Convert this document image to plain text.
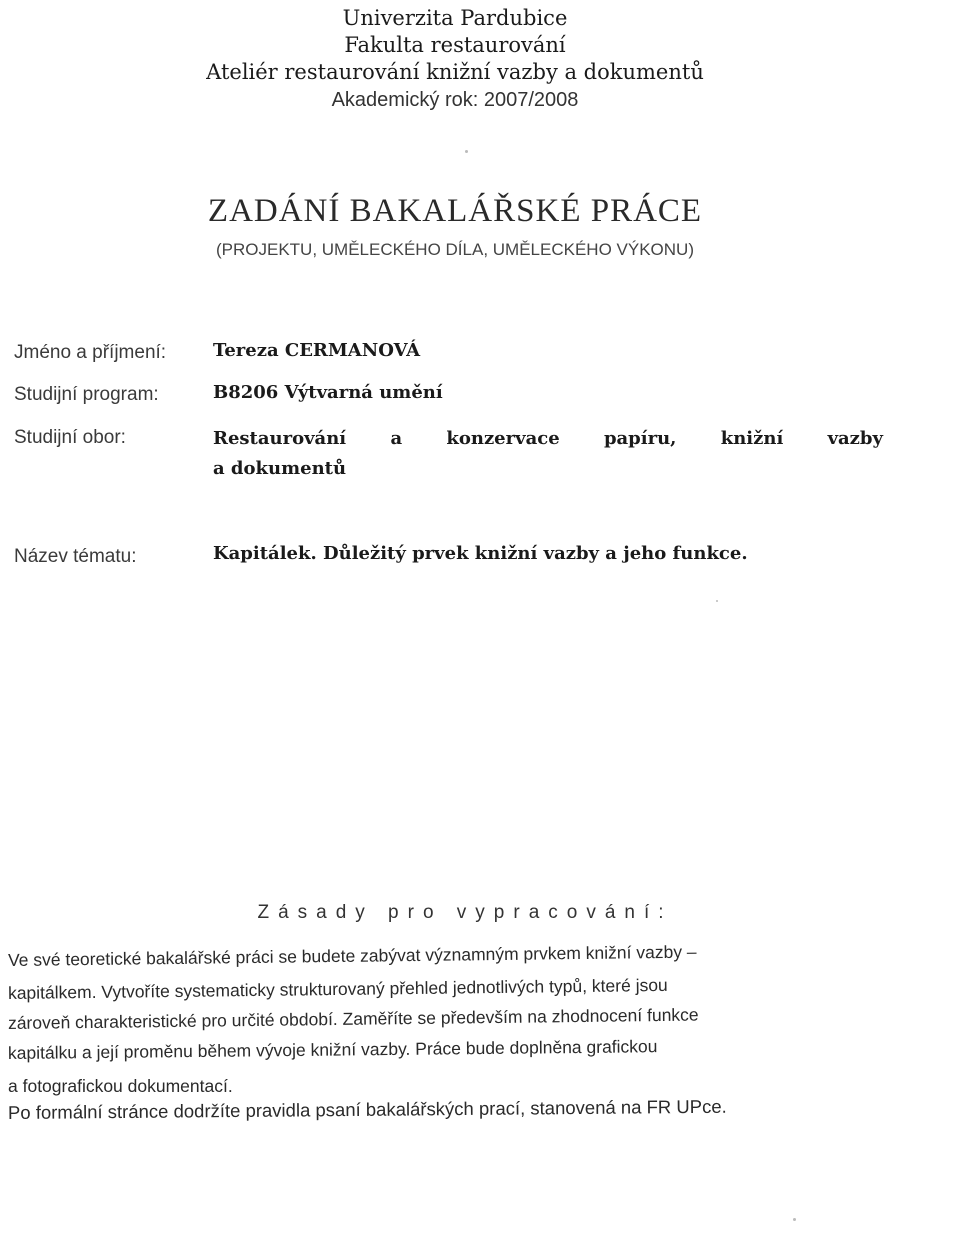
Univerzita Pardubice
Fakulta restaurování
Ateliér restaurování knižní vazby a dokumentů
Akademický rok: 2007/2008
ZADÁNÍ BAKALÁŘSKÉ PRÁCE
(PROJEKTU, UMĚLECKÉHO DÍLA, UMĚLECKÉHO VÝKONU)
Jméno a příjmení:	Tereza CERMANOVÁ
Studijní program:	B8206 Výtvarná umění
Studijní obor:	Restaurování a konzervace papíru, knižní vazby
a dokumentů
Název tématu:	Kapitálek. Důležitý prvek knižní vazby a jeho funkce.
Zásady pro vypracování:
Ve své teoretické bakalářské práci se budete zabývat významným prvkem knižní vazby –
kapitálkem. Vytvoříte systematicky strukturovaný přehled jednotlivých typů, které jsou
zároveň charakteristické pro určité období. Zaměříte se především na zhodnocení funkce
kapitálku a její proměnu během vývoje knižní vazby. Práce bude doplněna grafickou
a fotografickou dokumentací.
Po formální stránce dodržíte pravidla psaní bakalářských prací, stanovená na FR UPce.
